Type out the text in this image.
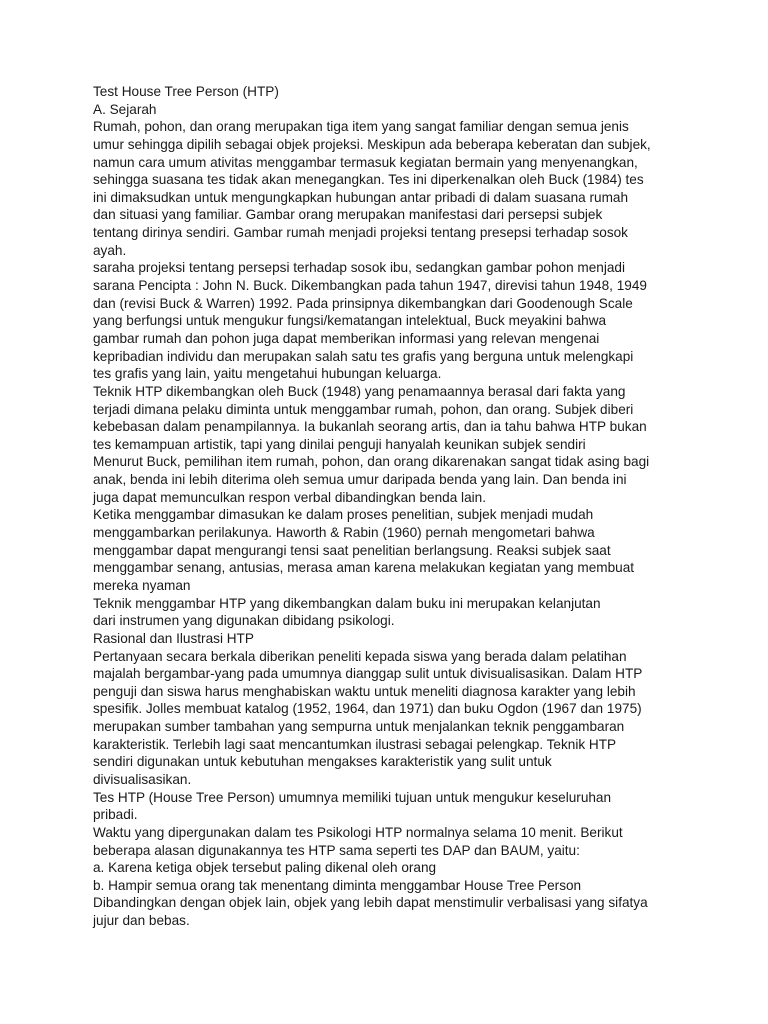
Test House Tree Person (HTP)
A. Sejarah
Rumah, pohon, dan orang merupakan tiga item yang sangat familiar dengan semua jenis
umur sehingga dipilih sebagai objek projeksi. Meskipun ada beberapa keberatan dan subjek,
namun cara umum ativitas menggambar termasuk kegiatan bermain yang menyenangkan,
sehingga suasana tes tidak akan menegangkan. Tes ini diperkenalkan oleh Buck (1984) tes
ini dimaksudkan untuk mengungkapkan hubungan antar pribadi di dalam suasana rumah
dan situasi yang familiar. Gambar orang merupakan manifestasi dari persepsi subjek
tentang dirinya sendiri. Gambar rumah menjadi projeksi tentang presepsi terhadap sosok
ayah.
saraha projeksi tentang persepsi terhadap sosok ibu, sedangkan gambar pohon menjadi
sarana Pencipta : John N. Buck. Dikembangkan pada tahun 1947, direvisi tahun 1948, 1949
dan (revisi Buck & Warren) 1992. Pada prinsipnya dikembangkan dari Goodenough Scale
yang berfungsi untuk mengukur fungsi/kematangan intelektual, Buck meyakini bahwa
gambar rumah dan pohon juga dapat memberikan informasi yang relevan mengenai
kepribadian individu dan merupakan salah satu tes grafis yang berguna untuk melengkapi
tes grafis yang lain, yaitu mengetahui hubungan keluarga.
Teknik HTP dikembangkan oleh Buck (1948) yang penamaannya berasal dari fakta yang
terjadi dimana pelaku diminta untuk menggambar rumah, pohon, dan orang. Subjek diberi
kebebasan dalam penampilannya. Ia bukanlah seorang artis, dan ia tahu bahwa HTP bukan
tes kemampuan artistik, tapi yang dinilai penguji hanyalah keunikan subjek sendiri
Menurut Buck, pemilihan item rumah, pohon, dan orang dikarenakan sangat tidak asing bagi
anak, benda ini lebih diterima oleh semua umur daripada benda yang lain. Dan benda ini
juga dapat memunculkan respon verbal dibandingkan benda lain.
Ketika menggambar dimasukan ke dalam proses penelitian, subjek menjadi mudah
menggambarkan perilakunya. Haworth & Rabin (1960) pernah mengometari bahwa
menggambar dapat mengurangi tensi saat penelitian berlangsung. Reaksi subjek saat
menggambar senang, antusias, merasa aman karena melakukan kegiatan yang membuat
mereka nyaman
Teknik menggambar HTP yang dikembangkan dalam buku ini merupakan kelanjutan
dari instrumen yang digunakan dibidang psikologi.
Rasional dan Ilustrasi HTP
Pertanyaan secara berkala diberikan peneliti kepada siswa yang berada dalam pelatihan
majalah bergambar-yang pada umumnya dianggap sulit untuk divisualisasikan. Dalam HTP
penguji dan siswa harus menghabiskan waktu untuk meneliti diagnosa karakter yang lebih
spesifik. Jolles membuat katalog (1952, 1964, dan 1971) dan buku Ogdon (1967 dan 1975)
merupakan sumber tambahan yang sempurna untuk menjalankan teknik penggambaran
karakteristik. Terlebih lagi saat mencantumkan ilustrasi sebagai pelengkap. Teknik HTP
sendiri digunakan untuk kebutuhan mengakses karakteristik yang sulit untuk
divisualisasikan.
Tes HTP (House Tree Person) umumnya memiliki tujuan untuk mengukur keseluruhan
pribadi.
Waktu yang dipergunakan dalam tes Psikologi HTP normalnya selama 10 menit. Berikut
beberapa alasan digunakannya tes HTP sama seperti tes DAP dan BAUM, yaitu:
a. Karena ketiga objek tersebut paling dikenal oleh orang
b. Hampir semua orang tak menentang diminta menggambar House Tree Person
Dibandingkan dengan objek lain, objek yang lebih dapat menstimulir verbalisasi yang sifatya
jujur dan bebas.
